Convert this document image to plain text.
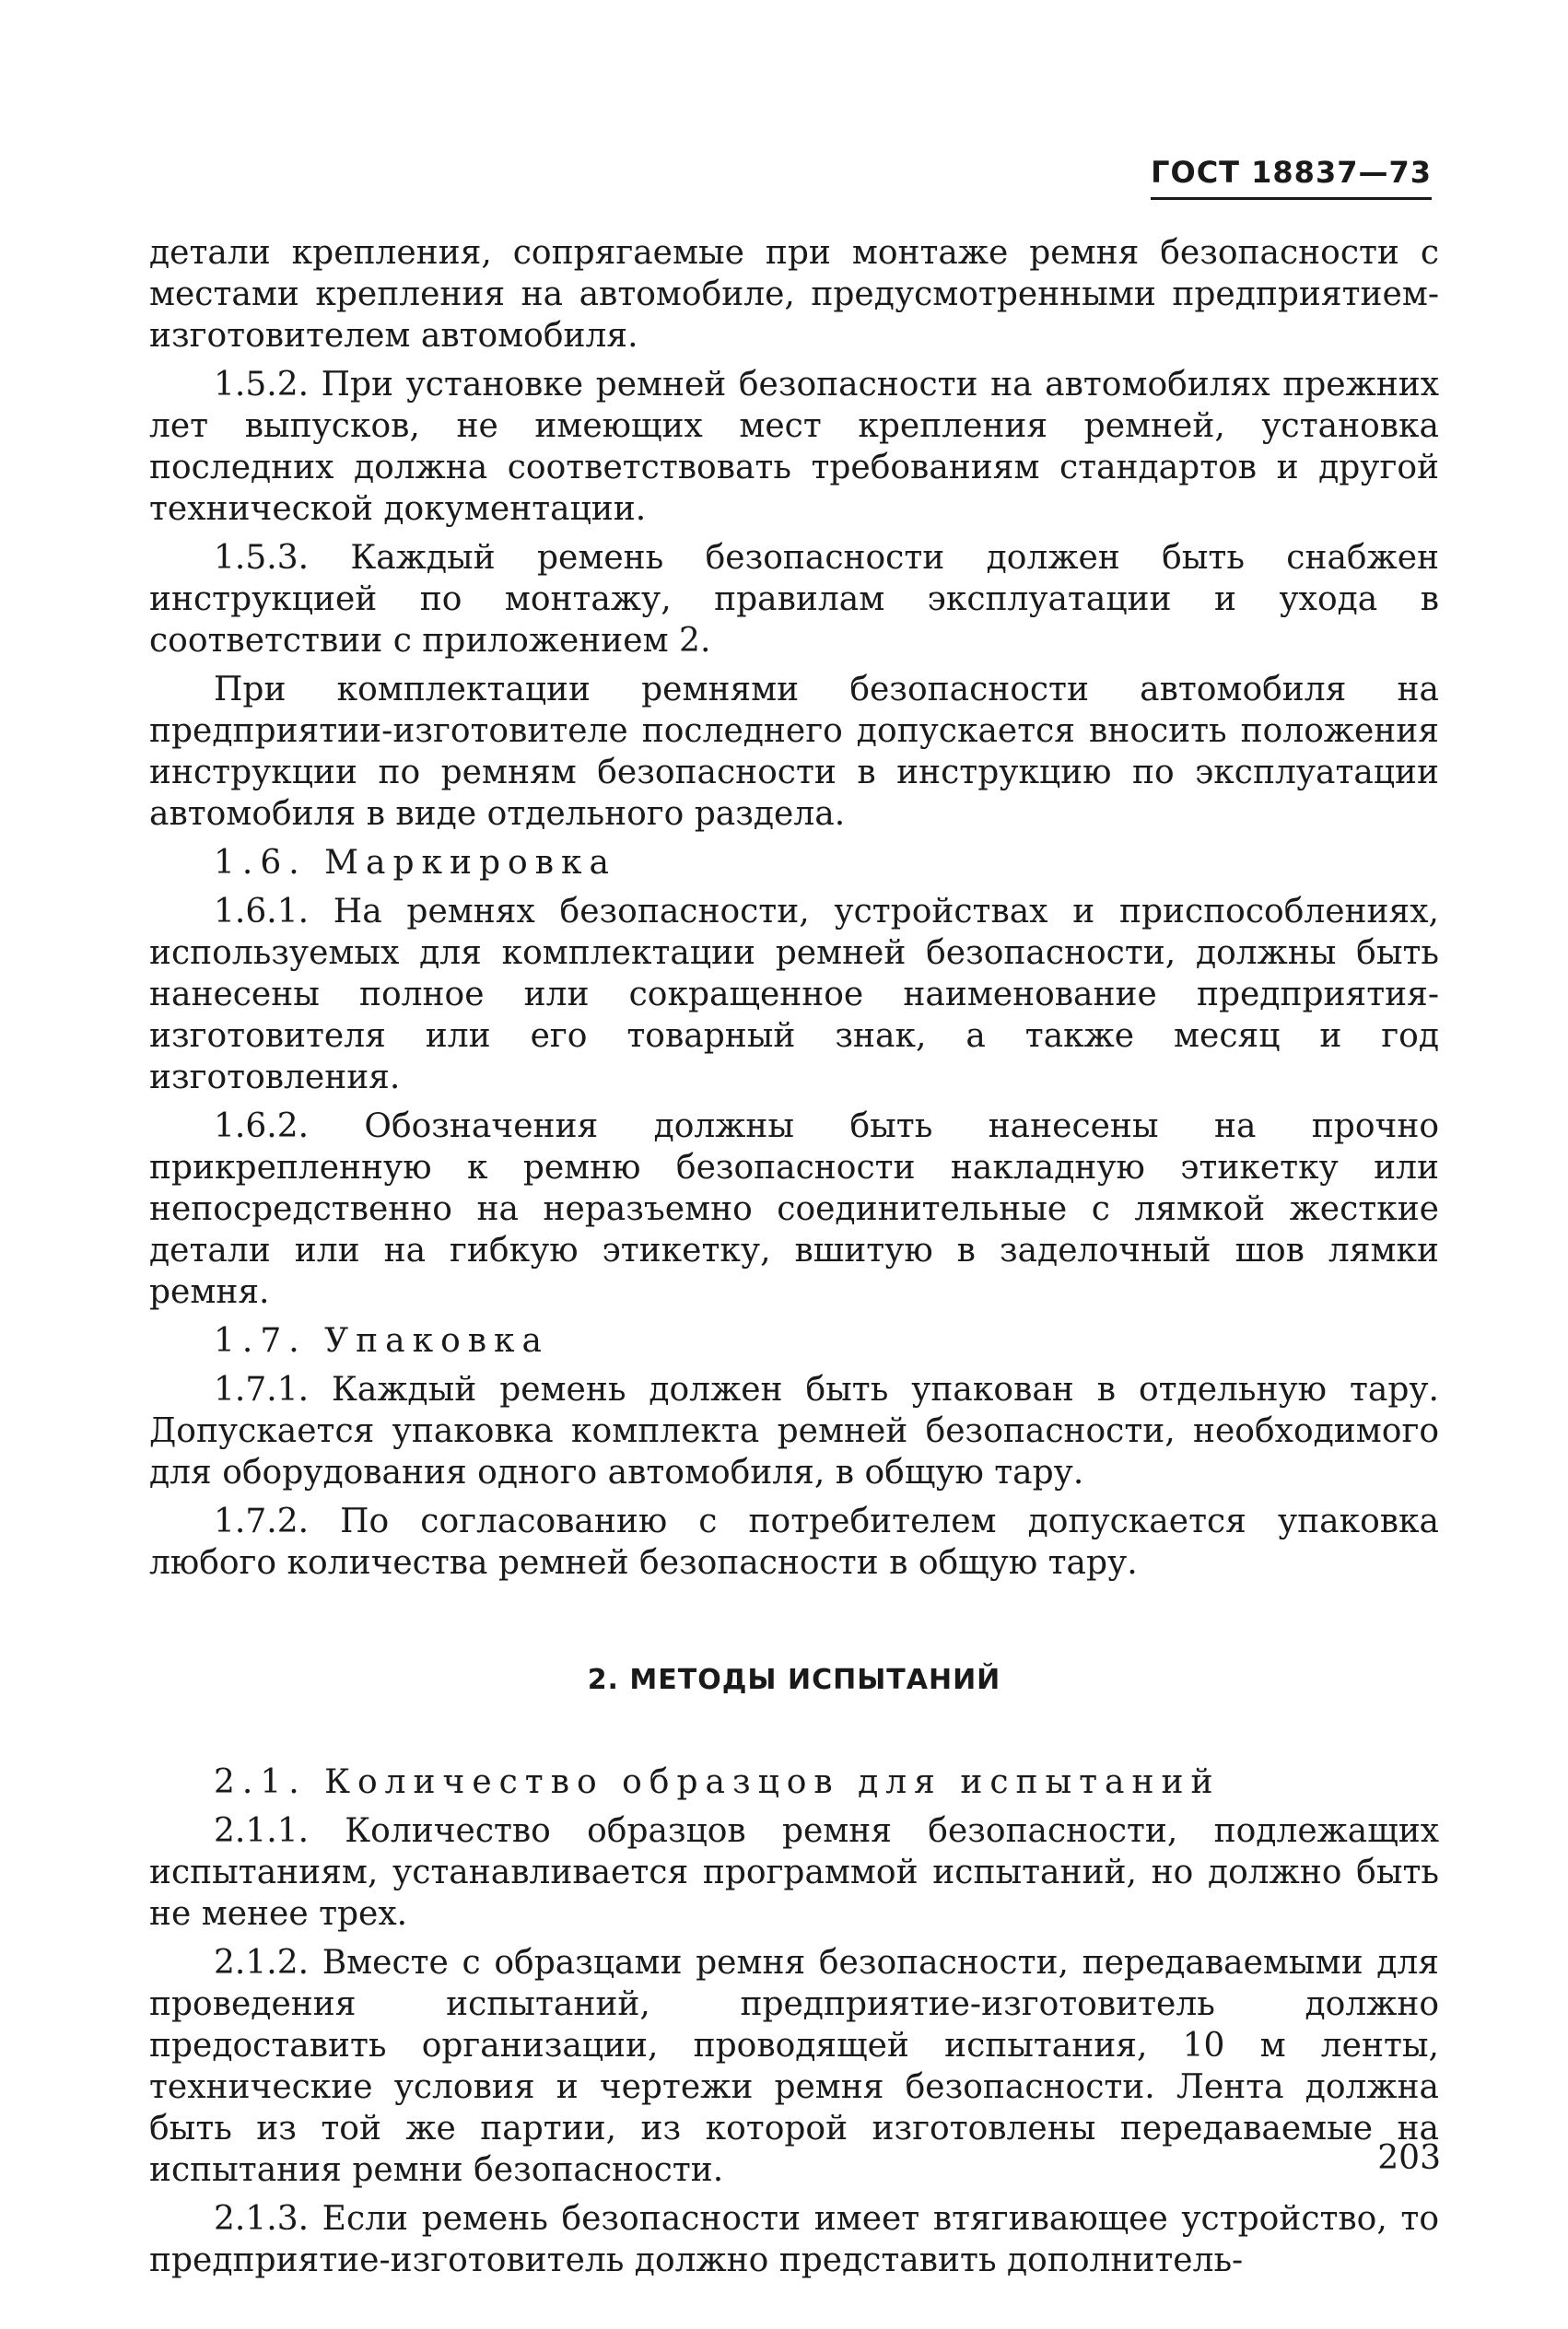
ГОСТ 18837—73

детали крепления, сопрягаемые при монтаже ремня безопасности с местами крепления на автомобиле, предусмотренными предприятием-изготовителем автомобиля.

1.5.2. При установке ремней безопасности на автомобилях прежних лет выпусков, не имеющих мест крепления ремней, установка последних должна соответствовать требованиям стандартов и другой технической документации.

1.5.3. Каждый ремень безопасности должен быть снабжен инструкцией по монтажу, правилам эксплуатации и ухода в соответствии с приложением 2.

При комплектации ремнями безопасности автомобиля на предприятии-изготовителе последнего допускается вносить положения инструкции по ремням безопасности в инструкцию по эксплуатации автомобиля в виде отдельного раздела.

1.6. Маркировка

1.6.1. На ремнях безопасности, устройствах и приспособлениях, используемых для комплектации ремней безопасности, должны быть нанесены полное или сокращенное наименование предприятия-изготовителя или его товарный знак, а также месяц и год изготовления.

1.6.2. Обозначения должны быть нанесены на прочно прикрепленную к ремню безопасности накладную этикетку или непосредственно на неразъемно соединительные с лямкой жесткие детали или на гибкую этикетку, вшитую в заделочный шов лямки ремня.

1.7. Упаковка

1.7.1. Каждый ремень должен быть упакован в отдельную тару. Допускается упаковка комплекта ремней безопасности, необходимого для оборудования одного автомобиля, в общую тару.

1.7.2. По согласованию с потребителем допускается упаковка любого количества ремней безопасности в общую тару.

2. МЕТОДЫ ИСПЫТАНИЙ

2.1. Количество образцов для испытаний

2.1.1. Количество образцов ремня безопасности, подлежащих испытаниям, устанавливается программой испытаний, но должно быть не менее трех.

2.1.2. Вместе с образцами ремня безопасности, передаваемыми для проведения испытаний, предприятие-изготовитель должно предоставить организации, проводящей испытания, 10 м ленты, технические условия и чертежи ремня безопасности. Лента должна быть из той же партии, из которой изготовлены передаваемые на испытания ремни безопасности.

2.1.3. Если ремень безопасности имеет втягивающее устройство, то предприятие-изготовитель должно представить дополнитель-

203
